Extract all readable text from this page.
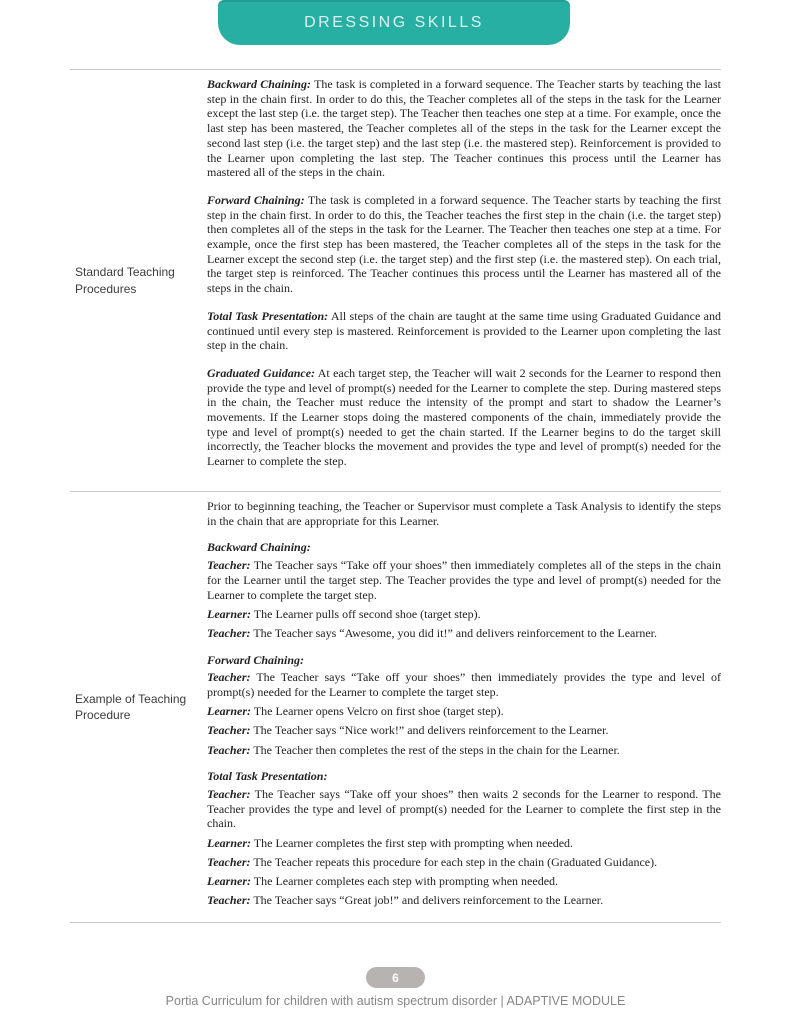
DRESSING SKILLS
Standard Teaching Procedures

Backward Chaining: The task is completed in a forward sequence. The Teacher starts by teaching the last step in the chain first. In order to do this, the Teacher completes all of the steps in the task for the Learner except the last step (i.e. the target step). The Teacher then teaches one step at a time. For example, once the last step has been mastered, the Teacher completes all of the steps in the task for the Learner except the second last step (i.e. the target step) and the last step (i.e. the mastered step). Reinforcement is provided to the Learner upon completing the last step. The Teacher continues this process until the Learner has mastered all of the steps in the chain.

Forward Chaining: The task is completed in a forward sequence. The Teacher starts by teaching the first step in the chain first. In order to do this, the Teacher teaches the first step in the chain (i.e. the target step) then completes all of the steps in the task for the Learner. The Teacher then teaches one step at a time. For example, once the first step has been mastered, the Teacher completes all of the steps in the task for the Learner except the second step (i.e. the target step) and the first step (i.e. the mastered step). On each trial, the target step is reinforced. The Teacher continues this process until the Learner has mastered all of the steps in the chain.

Total Task Presentation: All steps of the chain are taught at the same time using Graduated Guidance and continued until every step is mastered. Reinforcement is provided to the Learner upon completing the last step in the chain.

Graduated Guidance: At each target step, the Teacher will wait 2 seconds for the Learner to respond then provide the type and level of prompt(s) needed for the Learner to complete the step. During mastered steps in the chain, the Teacher must reduce the intensity of the prompt and start to shadow the Learner’s movements. If the Learner stops doing the mastered components of the chain, immediately provide the type and level of prompt(s) needed to get the chain started. If the Learner begins to do the target skill incorrectly, the Teacher blocks the movement and provides the type and level of prompt(s) needed for the Learner to complete the step.

Example of Teaching Procedure

Prior to beginning teaching, the Teacher or Supervisor must complete a Task Analysis to identify the steps in the chain that are appropriate for this Learner.

Backward Chaining:

Teacher: The Teacher says “Take off your shoes” then immediately completes all of the steps in the chain for the Learner until the target step. The Teacher provides the type and level of prompt(s) needed for the Learner to complete the target step.

Learner: The Learner pulls off second shoe (target step).

Teacher: The Teacher says “Awesome, you did it!” and delivers reinforcement to the Learner.

Forward Chaining:

Teacher: The Teacher says “Take off your shoes” then immediately provides the type and level of prompt(s) needed for the Learner to complete the target step.

Learner: The Learner opens Velcro on first shoe (target step).

Teacher: The Teacher says “Nice work!” and delivers reinforcement to the Learner.

Teacher: The Teacher then completes the rest of the steps in the chain for the Learner.

Total Task Presentation:

Teacher: The Teacher says “Take off your shoes” then waits 2 seconds for the Learner to respond. The Teacher provides the type and level of prompt(s) needed for the Learner to complete the first step in the chain.

Learner: The Learner completes the first step with prompting when needed.

Teacher: The Teacher repeats this procedure for each step in the chain (Graduated Guidance).

Learner: The Learner completes each step with prompting when needed.

Teacher: The Teacher says “Great job!” and delivers reinforcement to the Learner.

6
Portia Curriculum for children with autism spectrum disorder | ADAPTIVE MODULE
